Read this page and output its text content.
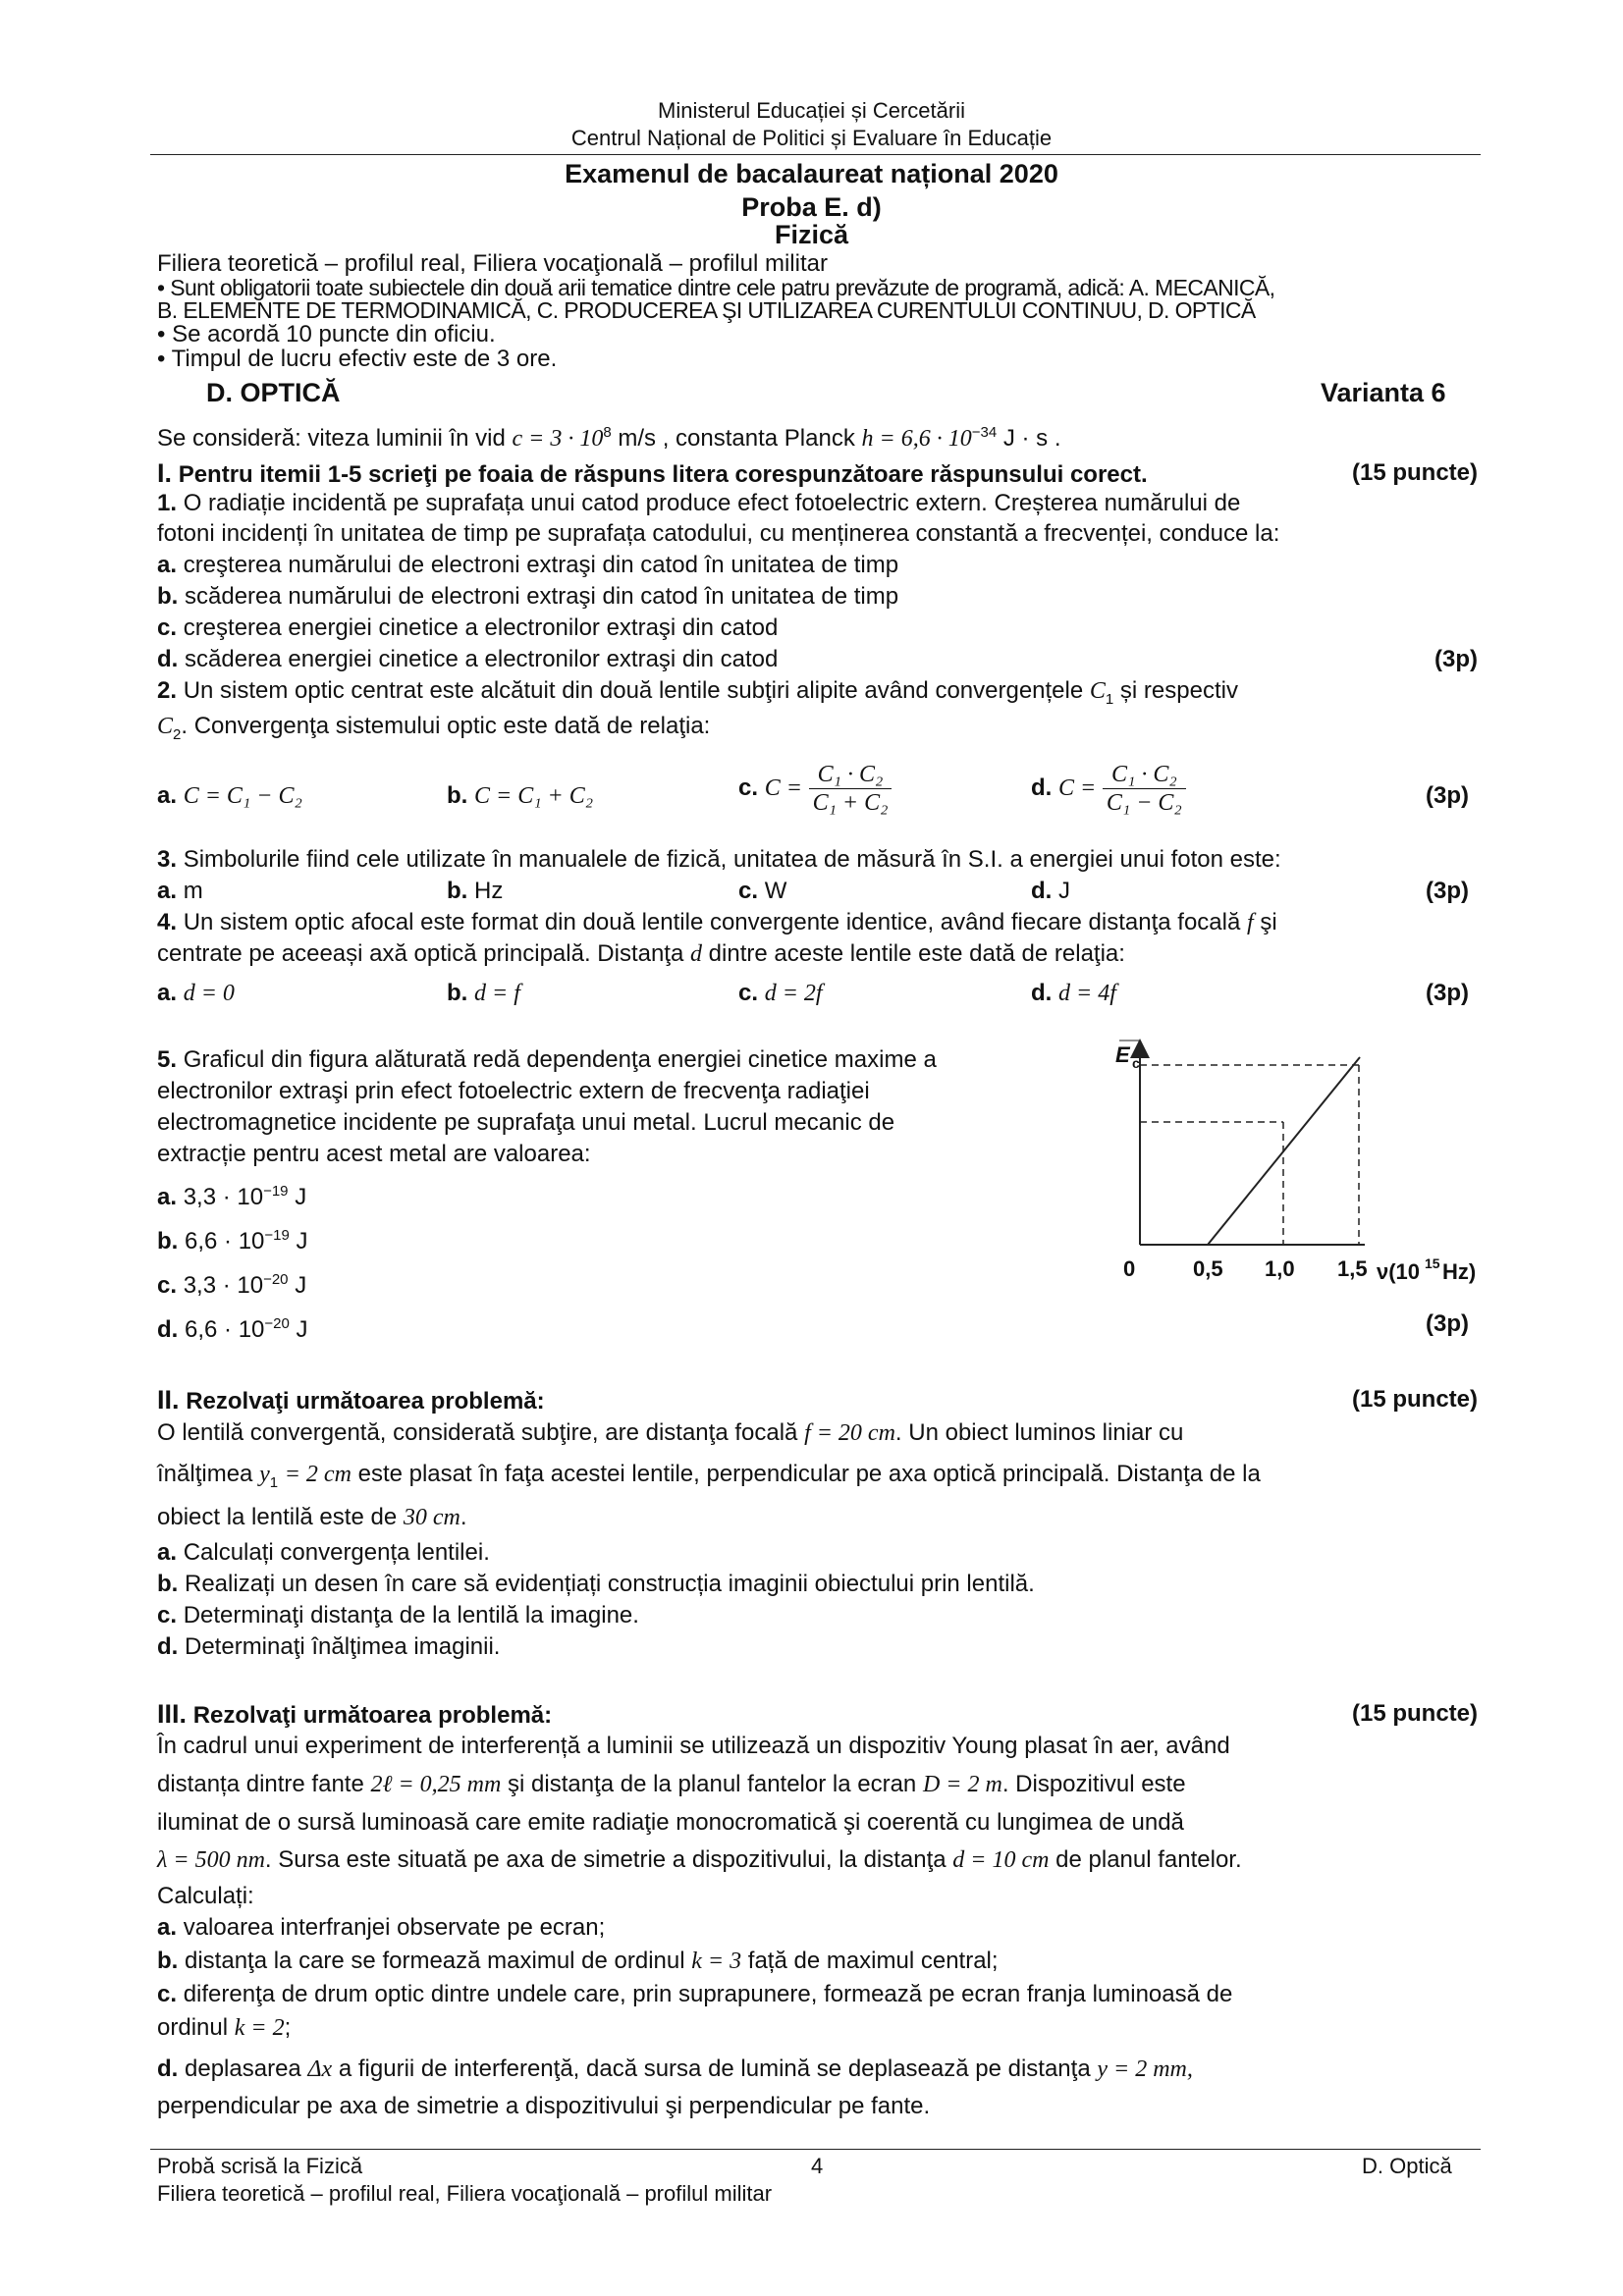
Ministerul Educației și Cercetării
Centrul Național de Politici și Evaluare în Educație
Examenul de bacalaureat național 2020
Proba E. d)
Fizică
Filiera teoretică – profilul real, Filiera vocaţională – profilul militar
• Sunt obligatorii toate subiectele din două arii tematice dintre cele patru prevăzute de programă, adică: A. MECANICĂ,
B. ELEMENTE DE TERMODINAMICĂ, C. PRODUCEREA ŞI UTILIZAREA CURENTULUI CONTINUU, D. OPTICĂ
• Se acordă 10 puncte din oficiu.
• Timpul de lucru efectiv este de 3 ore.
D. OPTICĂ	Varianta 6
Se consideră: viteza luminii în vid $c = 3 \cdot 10^8$ m/s , constanta Planck $h = 6,6 \cdot 10^{-34}$ J · s .
I. Pentru itemii 1-5 scrieţi pe foaia de răspuns litera corespunzătoare răspunsului corect.	(15 puncte)
1. O radiație incidentă pe suprafața unui catod produce efect fotoelectric extern. Creșterea numărului de
fotoni incidenți în unitatea de timp pe suprafața catodului, cu menținerea constantă a frecvenței, conduce la:
a. creşterea numărului de electroni extraşi din catod în unitatea de timp
b. scăderea numărului de electroni extraşi din catod în unitatea de timp
c. creşterea energiei cinetice a electronilor extraşi din catod
d. scăderea energiei cinetice a electronilor extraşi din catod	(3p)
2. Un sistem optic centrat este alcătuit din două lentile subţiri alipite având convergențele $C_1$ și respectiv
$C_2$. Convergenţa sistemului optic este dată de relaţia:
a. C = C₁ − C₂	b. C = C₁ + C₂	c. $C = \frac{\text{C₁ · C₂}}{\text{C₁ + C₂}}$	d. $C = \frac{\text{C₁ · C₂}}{\text{C₁ − C₂}}$	(3p)
3. Simbolurile fiind cele utilizate în manualele de fizică, unitatea de măsură în S.I. a energiei unui foton este:
a. m	b. Hz	c. W	d. J	(3p)
4. Un sistem optic afocal este format din două lentile convergente identice, având fiecare distanţa focală f şi
centrate pe aceeași axă optică principală. Distanţa d dintre aceste lentile este dată de relaţia:
a. d = 0	b. d = f	c. d = 2f	d. d = 4f	(3p)
5. Graficul din figura alăturată redă dependenţa energiei cinetice maxime a
electronilor extraşi prin efect fotoelectric extern de frecvenţa radiaţiei
electromagnetice incidente pe suprafaţa unui metal. Lucrul mecanic de
extracție pentru acest metal are valoarea:
a. $3,3 \cdot 10^{-19}$ J
b. $6,6 \cdot 10^{-19}$ J
c. $3,3 \cdot 10^{-20}$ J
d. $6,6 \cdot 10^{-20}$ J	(3p)
E c
0	0,5 1,0 1,5 ν(10 15 Hz)
II. Rezolvaţi următoarea problemă:	(15 puncte)
O lentilă convergentă, considerată subţire, are distanţa focală f = 20 cm. Un obiect luminos liniar cu
înălţimea $y_1 = 2$ cm este plasat în faţa acestei lentile, perpendicular pe axa optică principală. Distanţa de la
obiect la lentilă este de 30 cm.
a. Calculați convergența lentilei.
b. Realizați un desen în care să evidențiați construcția imaginii obiectului prin lentilă.
c. Determinaţi distanţa de la lentilă la imagine.
d. Determinaţi înălţimea imaginii.
III. Rezolvaţi următoarea problemă:	(15 puncte)
În cadrul unui experiment de interferență a luminii se utilizează un dispozitiv Young plasat în aer, având
distanța dintre fante 2ℓ = 0,25 mm şi distanţa de la planul fantelor la ecran D = 2 m. Dispozitivul este
iluminat de o sursă luminoasă care emite radiaţie monocromatică şi coerentă cu lungimea de undă
λ = 500 nm. Sursa este situată pe axa de simetrie a dispozitivului, la distanţa d = 10 cm de planul fantelor.
Calculați:
a. valoarea interfranjei observate pe ecran;
b. distanţa la care se formează maximul de ordinul k = 3 față de maximul central;
c. diferenţa de drum optic dintre undele care, prin suprapunere, formează pe ecran franja luminoasă de
ordinul k = 2;
d. deplasarea Δx a figurii de interferenţă, dacă sursa de lumină se deplasează pe distanţa y = 2 mm,
perpendicular pe axa de simetrie a dispozitivului şi perpendicular pe fante.
Probă scrisă la Fizică	4	D. Optică
Filiera teoretică – profilul real, Filiera vocaţională – profilul militar
